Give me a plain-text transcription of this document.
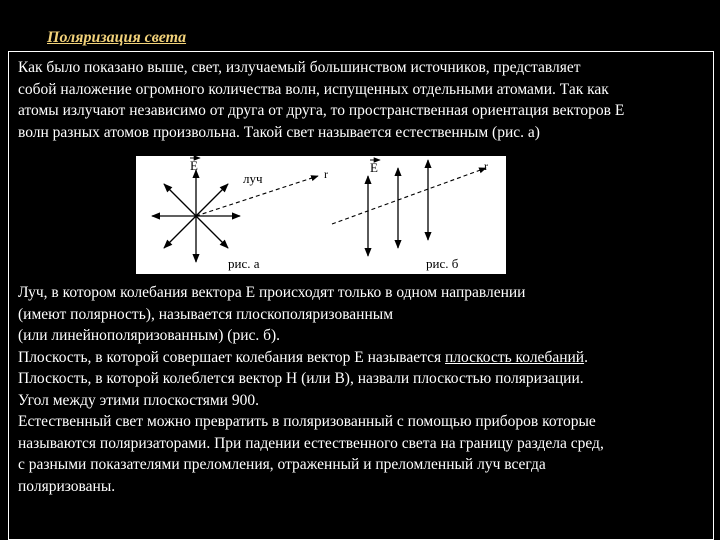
Поляризация света
Как было показано выше, свет, излучаемый большинством источников, представляет
собой наложение огромного количества волн, испущенных отдельными атомами. Так как
атомы излучают независимо от друга от друга, то пространственная ориентация векторов Е
волн разных атомов произвольна. Такой свет называется естественным (рис. а)
E
луч	r
рис. а
E	r
рис. б
Луч, в котором колебания вектора Е происходят только в одном направлении
(имеют полярность), называется плоскополяризованным
(или линейнополяризованным) (рис. б).
Плоскость, в которой совершает колебания вектор Е называется плоскость колебаний.
Плоскость, в которой колеблется вектор Н (или В), назвали плоскостью поляризации.
Угол между этими плоскостями 900.
Естественный свет можно превратить в поляризованный с помощью приборов которые
называются поляризаторами. При падении естественного света на границу раздела сред,
с разными показателями преломления, отраженный и преломленный луч всегда
поляризованы.
